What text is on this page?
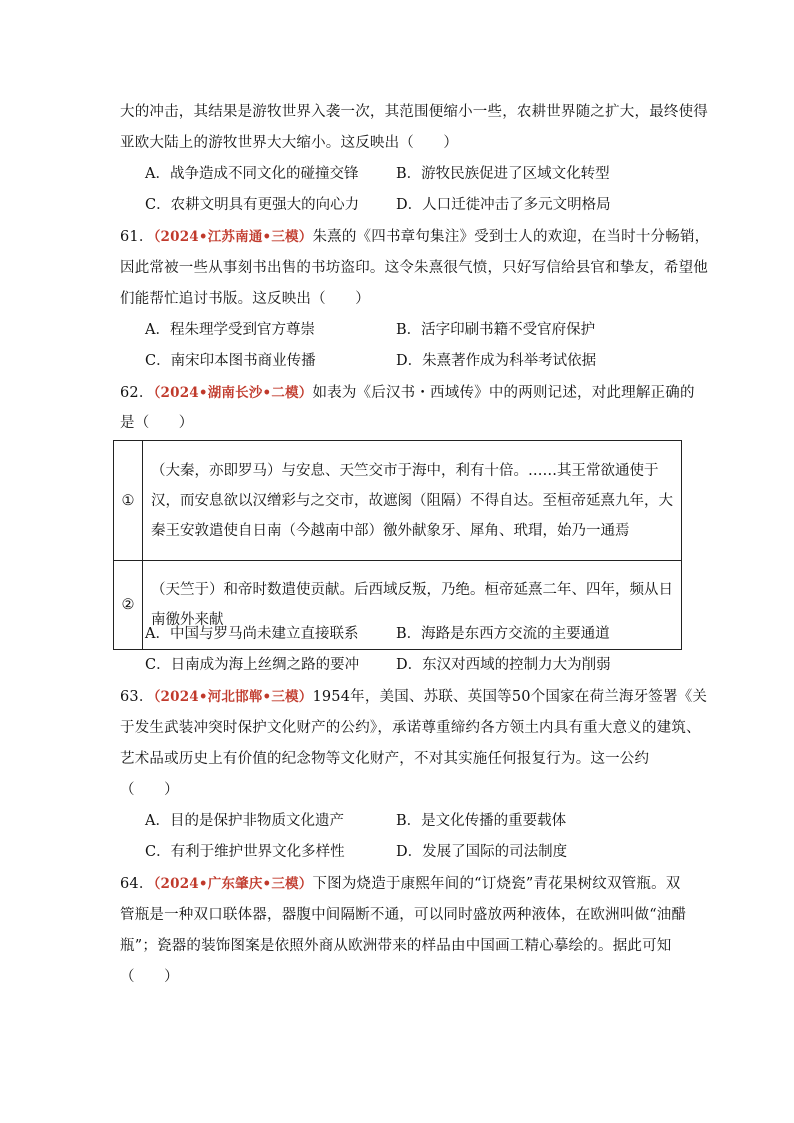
大的冲击，其结果是游牧世界入袭一次，其范围便缩小一些，农耕世界随之扩大，最终使得
亚欧大陆上的游牧世界大大缩小。这反映出（　　）
A．战争造成不同文化的碰撞交锋	B．游牧民族促进了区域文化转型
C．农耕文明具有更强大的向心力	D．人口迁徙冲击了多元文明格局
61．（2024•江苏南通•三模）朱熹的《四书章句集注》受到士人的欢迎，在当时十分畅销，
因此常被一些从事刻书出售的书坊盗印。这令朱熹很气愤，只好写信给县官和挚友，希望他
们能帮忙追讨书版。这反映出（　　）
A．程朱理学受到官方尊崇	B．活字印刷书籍不受官府保护
C．南宋印本图书商业传播	D．朱熹著作成为科举考试依据
62．（2024•湖南长沙•二模）如表为《后汉书・西域传》中的两则记述，对此理解正确的
是（　　）
①	（大秦，亦即罗马）与安息、天竺交市于海中，利有十倍。……其王常欲通使于汉，而安息欲以汉缯彩与之交市，故遮阂（阻隔）不得自达。至桓帝延熹九年，大秦王安敦遣使自日南（今越南中部）徼外献象牙、犀角、玳瑁，始乃一通焉
②	（天竺于）和帝时数遣使贡献。后西域反叛，乃绝。桓帝延熹二年、四年，频从日南徼外来献
A．中国与罗马尚未建立直接联系	B．海路是东西方交流的主要通道
C．日南成为海上丝绸之路的要冲	D．东汉对西域的控制力大为削弱
63．（2024•河北邯郸•三模）1954年，美国、苏联、英国等50个国家在荷兰海牙签署《关
于发生武装冲突时保护文化财产的公约》，承诺尊重缔约各方领土内具有重大意义的建筑、
艺术品或历史上有价值的纪念物等文化财产，不对其实施任何报复行为。这一公约
（　　）
A．目的是保护非物质文化遗产	B．是文化传播的重要载体
C．有利于维护世界文化多样性	D．发展了国际的司法制度
64．（2024•广东肇庆•三模）下图为烧造于康熙年间的“订烧瓷”青花果树纹双管瓶。双
管瓶是一种双口联体器，器腹中间隔断不通，可以同时盛放两种液体，在欧洲叫做“油醋
瓶”；瓷器的装饰图案是依照外商从欧洲带来的样品由中国画工精心摹绘的。据此可知
（　　）
